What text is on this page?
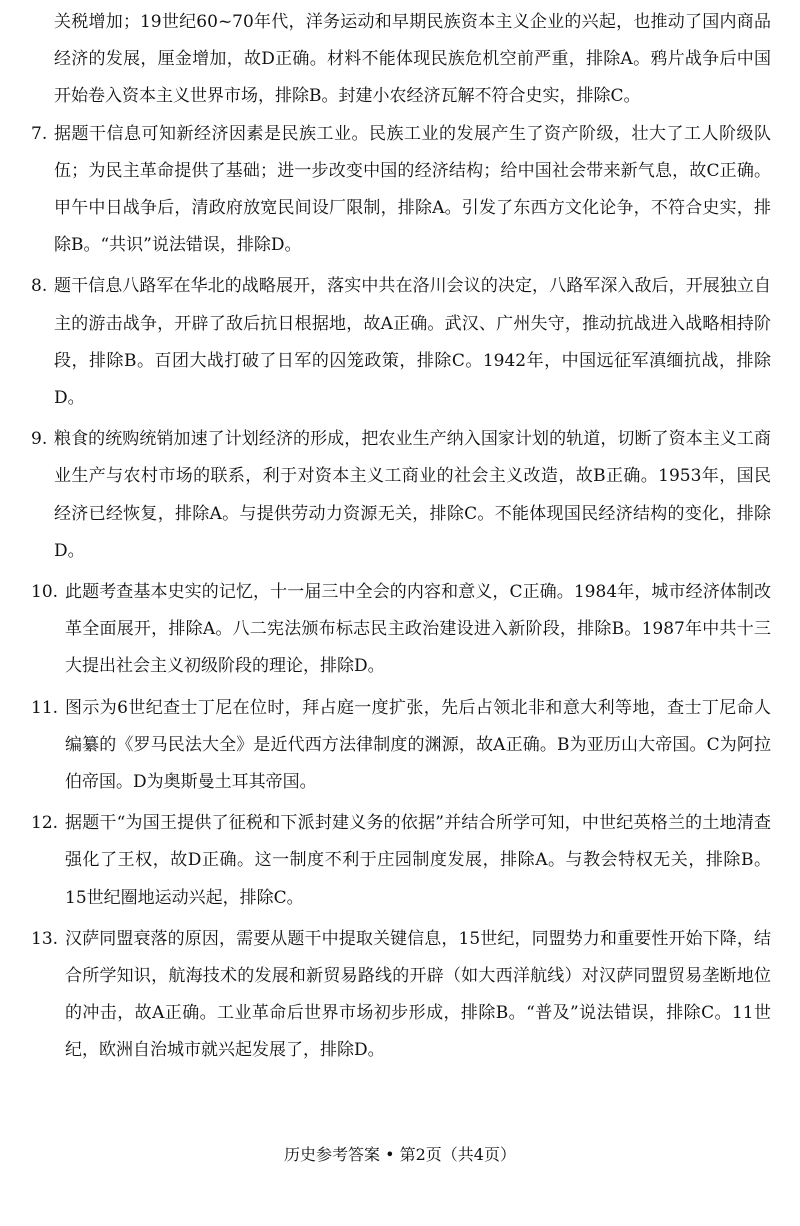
关税增加；19世纪60~70年代，洋务运动和早期民族资本主义企业的兴起，也推动了国内商品经济的发展，厘金增加，故D正确。材料不能体现民族危机空前严重，排除A。鸦片战争后中国开始卷入资本主义世界市场，排除B。封建小农经济瓦解不符合史实，排除C。

7. 据题干信息可知新经济因素是民族工业。民族工业的发展产生了资产阶级，壮大了工人阶级队伍；为民主革命提供了基础；进一步改变中国的经济结构；给中国社会带来新气息，故C正确。甲午中日战争后，清政府放宽民间设厂限制，排除A。引发了东西方文化论争，不符合史实，排除B。“共识”说法错误，排除D。
8. 题干信息八路军在华北的战略展开，落实中共在洛川会议的决定，八路军深入敌后，开展独立自主的游击战争，开辟了敌后抗日根据地，故A正确。武汉、广州失守，推动抗战进入战略相持阶段，排除B。百团大战打破了日军的囚笼政策，排除C。1942年，中国远征军滇缅抗战，排除D。
9. 粮食的统购统销加速了计划经济的形成，把农业生产纳入国家计划的轨道，切断了资本主义工商业生产与农村市场的联系，利于对资本主义工商业的社会主义改造，故B正确。1953年，国民经济已经恢复，排除A。与提供劳动力资源无关，排除C。不能体现国民经济结构的变化，排除D。
10. 此题考查基本史实的记忆，十一届三中全会的内容和意义，C正确。1984年，城市经济体制改革全面展开，排除A。八二宪法颁布标志民主政治建设进入新阶段，排除B。1987年中共十三大提出社会主义初级阶段的理论，排除D。
11. 图示为6世纪查士丁尼在位时，拜占庭一度扩张，先后占领北非和意大利等地，查士丁尼命人编纂的《罗马民法大全》是近代西方法律制度的渊源，故A正确。B为亚历山大帝国。C为阿拉伯帝国。D为奥斯曼土耳其帝国。
12. 据题干“为国王提供了征税和下派封建义务的依据”并结合所学可知，中世纪英格兰的土地清查强化了王权，故D正确。这一制度不利于庄园制度发展，排除A。与教会特权无关，排除B。15世纪圈地运动兴起，排除C。
13. 汉萨同盟衰落的原因，需要从题干中提取关键信息，15世纪，同盟势力和重要性开始下降，结合所学知识，航海技术的发展和新贸易路线的开辟（如大西洋航线）对汉萨同盟贸易垄断地位的冲击，故A正确。工业革命后世界市场初步形成，排除B。“普及”说法错误，排除C。11世纪，欧洲自治城市就兴起发展了，排除D。
历史参考答案 • 第2页（共4页）
